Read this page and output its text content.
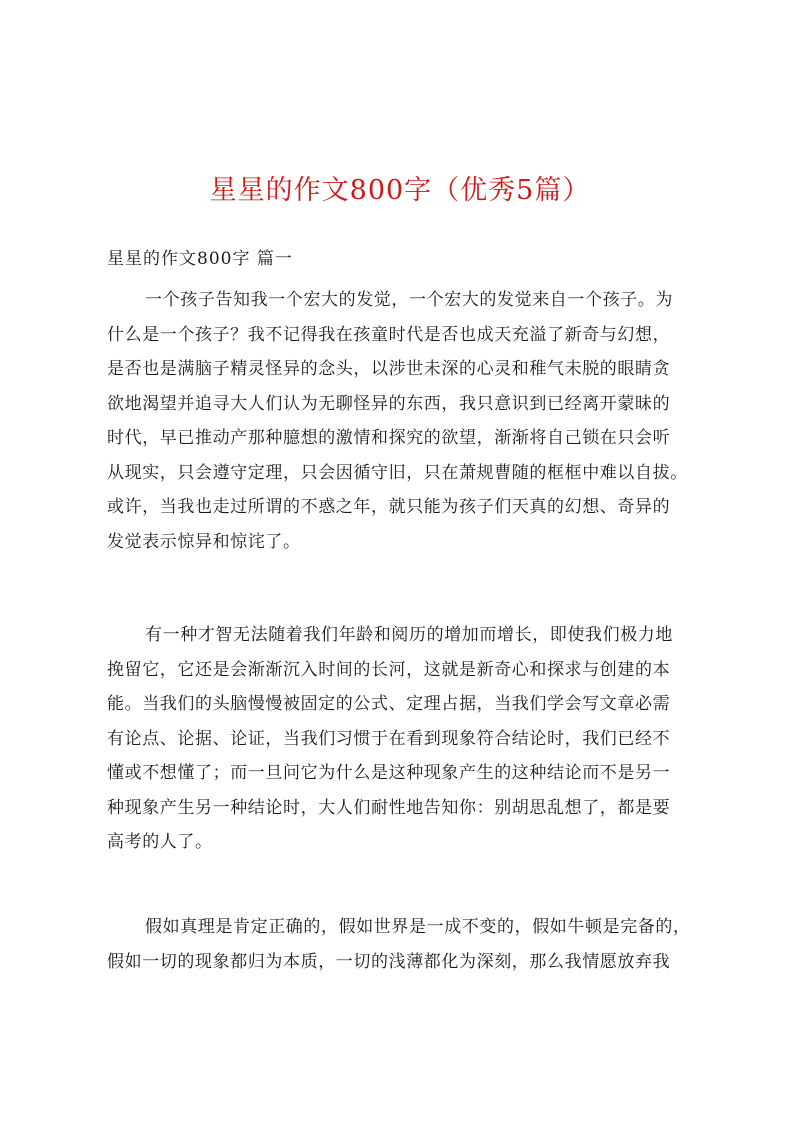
星星的作文800字（优秀5篇）
星星的作文800字 篇一

一个孩子告知我一个宏大的发觉，一个宏大的发觉来自一个孩子。为
什么是一个孩子？我不记得我在孩童时代是否也成天充溢了新奇与幻想，
是否也是满脑子精灵怪异的念头，以涉世未深的心灵和稚气未脱的眼睛贪
欲地渴望并追寻大人们认为无聊怪异的东西，我只意识到已经离开蒙昧的
时代，早已推动产那种臆想的激情和探究的欲望，渐渐将自己锁在只会听
从现实，只会遵守定理，只会因循守旧，只在萧规曹随的框框中难以自拔。
或许，当我也走过所谓的不惑之年，就只能为孩子们天真的幻想、奇异的
发觉表示惊异和惊诧了。

有一种才智无法随着我们年龄和阅历的增加而增长，即使我们极力地
挽留它，它还是会渐渐沉入时间的长河，这就是新奇心和探求与创建的本
能。当我们的头脑慢慢被固定的公式、定理占据，当我们学会写文章必需
有论点、论据、论证，当我们习惯于在看到现象符合结论时，我们已经不
懂或不想懂了；而一旦问它为什么是这种现象产生的这种结论而不是另一
种现象产生另一种结论时，大人们耐性地告知你：别胡思乱想了，都是要
高考的人了。

假如真理是肯定正确的，假如世界是一成不变的，假如牛顿是完备的，
假如一切的现象都归为本质，一切的浅薄都化为深刻，那么我情愿放弃我
